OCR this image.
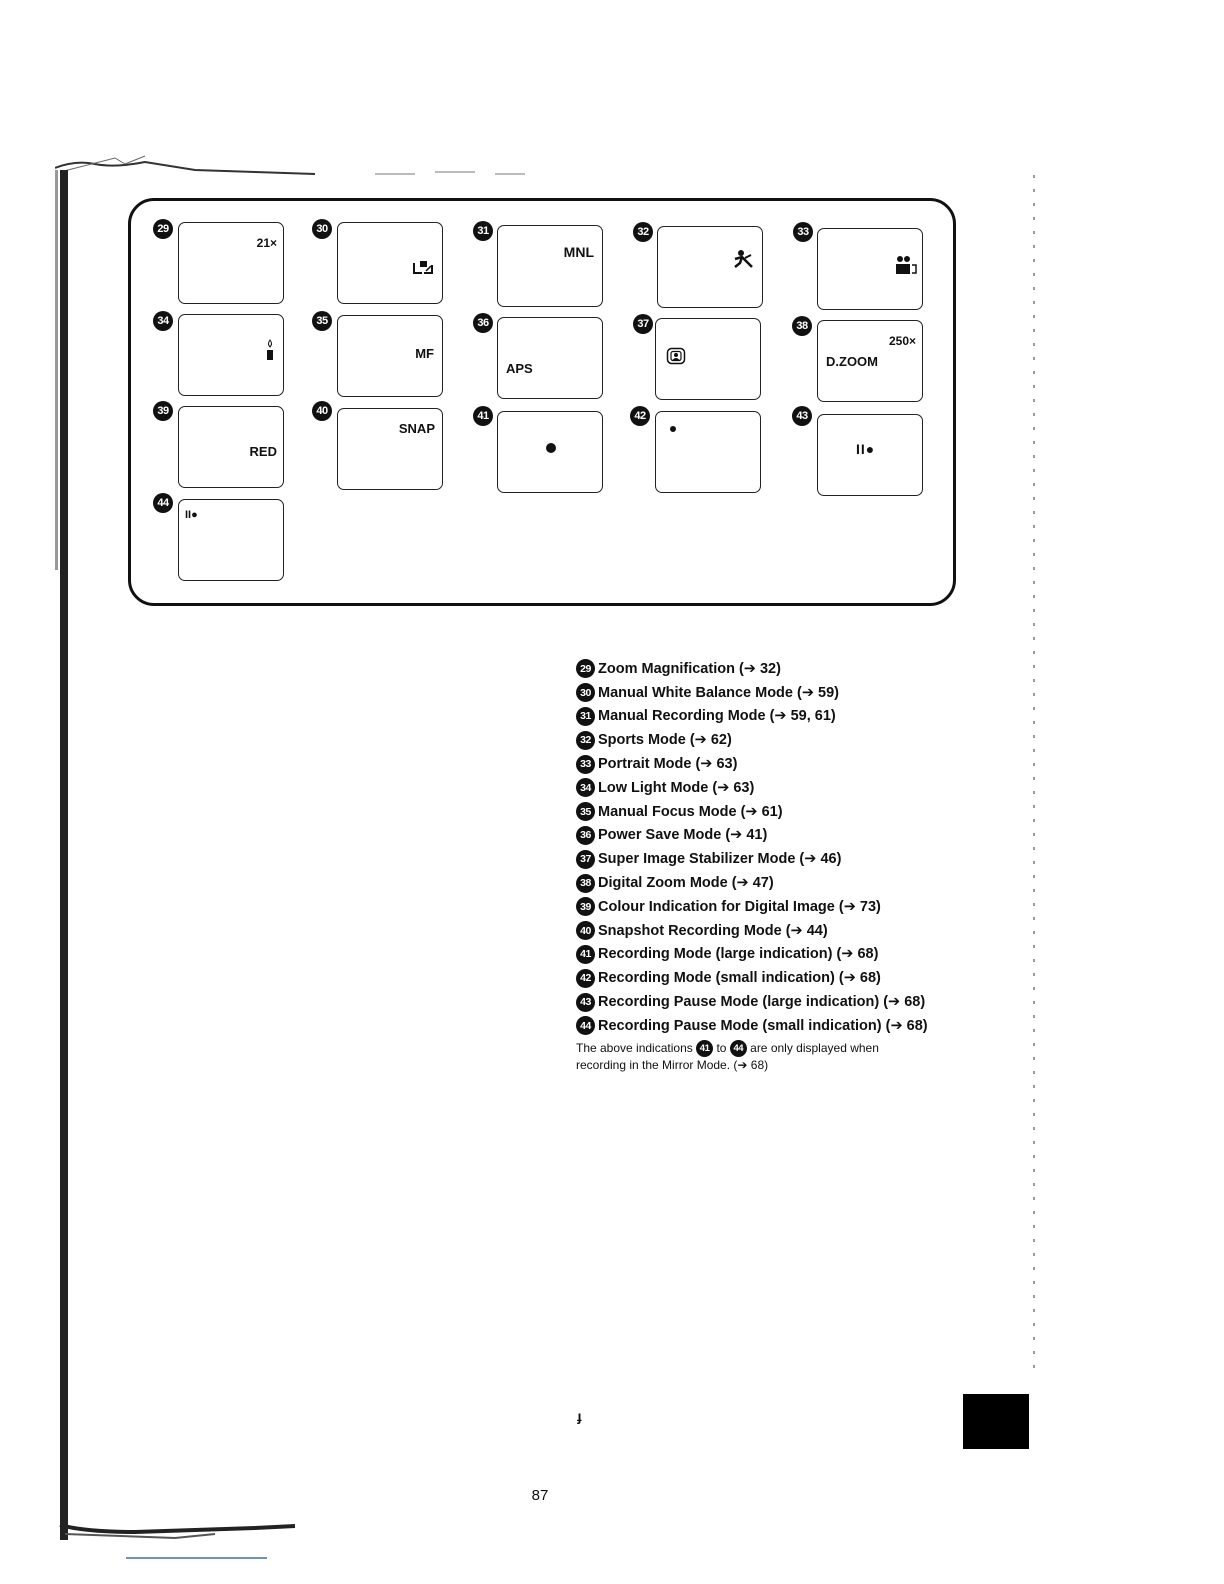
ɟ
29
21×
30	31
MNL
32	33
34	35
MF
36
APS
37	38
250×
D.ZOOM
39
RED
40
SNAP
41	42	43
II●
44
II●
29 Zoom Magnification (➔ 32)
30 Manual White Balance Mode (➔ 59)
31 Manual Recording Mode (➔ 59, 61)
32 Sports Mode (➔ 62)
33 Portrait Mode (➔ 63)
34 Low Light Mode (➔ 63)
35 Manual Focus Mode (➔ 61)
36 Power Save Mode (➔ 41)
37 Super Image Stabilizer Mode (➔ 46)
38 Digital Zoom Mode (➔ 47)
39 Colour Indication for Digital Image (➔ 73)
40 Snapshot Recording Mode (➔ 44)
41 Recording Mode (large indication) (➔ 68)
42 Recording Mode (small indication) (➔ 68)
43 Recording Pause Mode (large indication) (➔ 68)
44 Recording Pause Mode (small indication) (➔ 68)
The above indications 41 to 44 are only displayed when
recording in the Mirror Mode. (➔ 68)
87
